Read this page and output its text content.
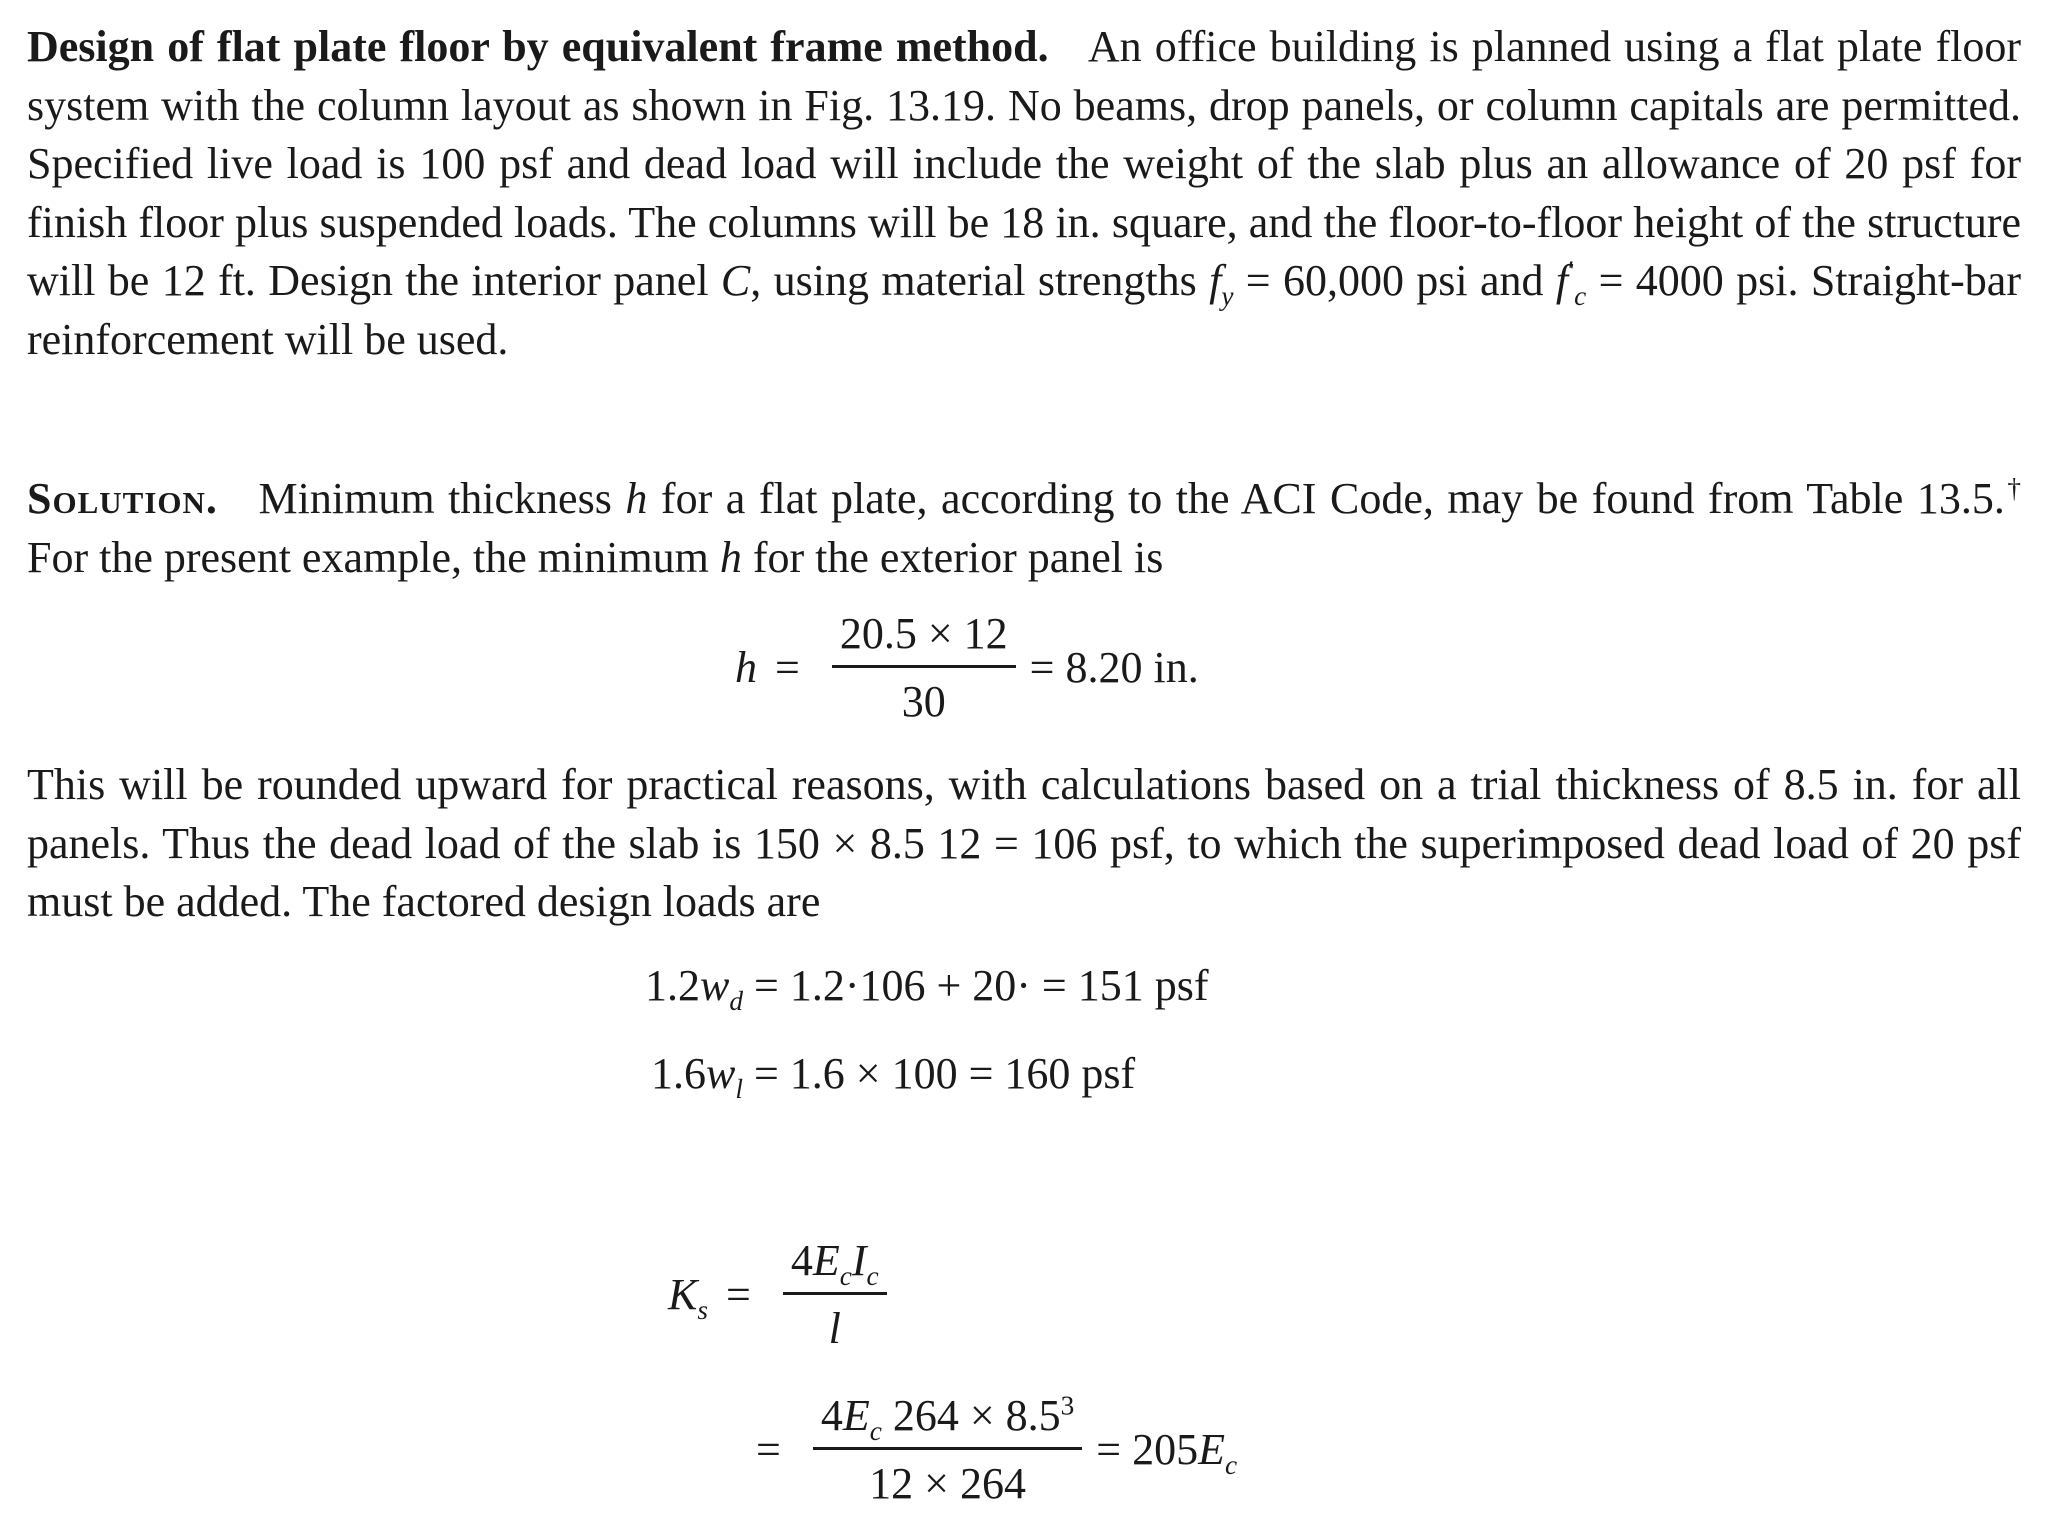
Design of flat plate floor by equivalent frame method. An office building is planned using a flat plate floor system with the column layout as shown in Fig. 13.19. No beams, drop panels, or column capitals are permitted. Specified live load is 100 psf and dead load will include the weight of the slab plus an allowance of 20 psf for finish floor plus suspended loads. The columns will be 18 in. square, and the floor-to-floor height of the structure will be 12 ft. Design the interior panel C, using material strengths $f_y = 60,000$ psi and $f'_c = 4000$ psi. Straight-bar reinforcement will be used.

Solution. Minimum thickness h for a flat plate, according to the ACI Code, may be found from Table 13.5.† For the present example, the minimum h for the exterior panel is

$h = \frac{20.5 \times 12}{30} = 8.20$ in.

This will be rounded upward for practical reasons, with calculations based on a trial thickness of 8.5 in. for all panels. Thus the dead load of the slab is 150 × 8.5 12 = 106 psf, to which the superimposed dead load of 20 psf must be added. The factored design loads are

$1.2w_d = 1.2\cdot 106 + 20\cdot = 151$ psf
$1.6w_l = 1.6 \times 100 = 160$ psf
$K_s = \frac{4E_cI_c}{l}$
= $\frac{4E_c 264 \times 8.5^3}{12 \times 264} = 205E_c$
